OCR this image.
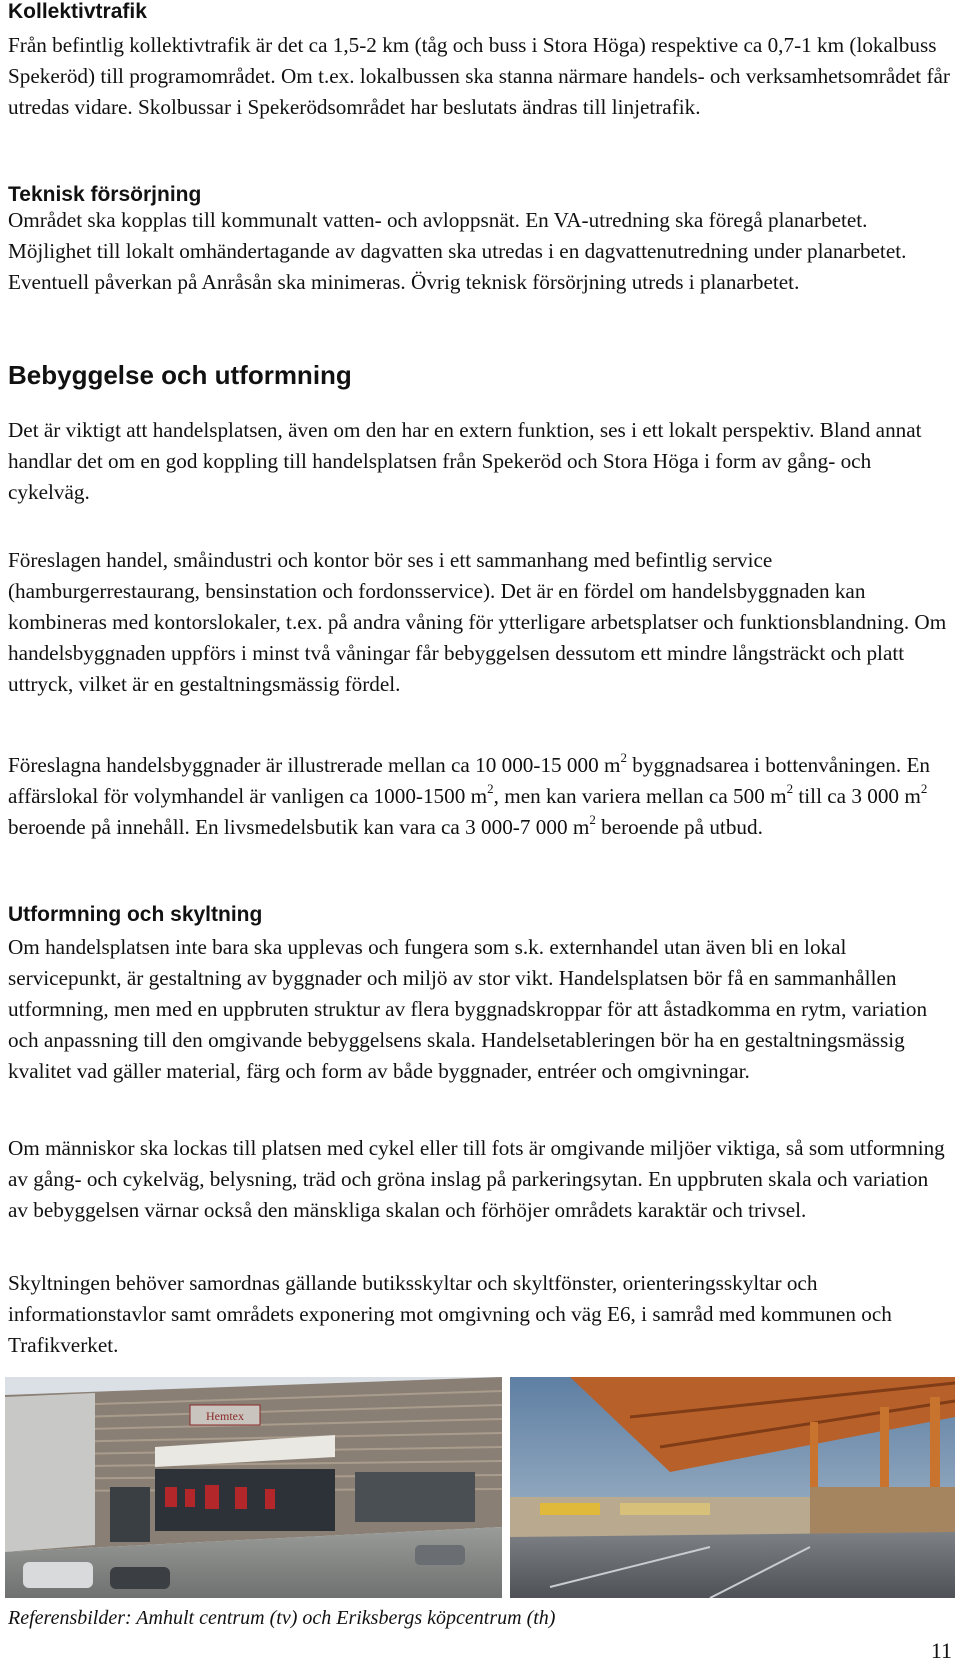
Kollektivtrafik

Från befintlig kollektivtrafik är det ca 1,5-2 km (tåg och buss i Stora Höga) respektive ca 0,7-1 km (lokalbuss Spekeröd) till programområdet. Om t.ex. lokalbussen ska stanna närmare handels- och verksamhetsområdet får utredas vidare. Skolbussar i Spekerödsområdet har beslutats ändras till linjetrafik.

Teknisk försörjning

Området ska kopplas till kommunalt vatten- och avloppsnät. En VA-utredning ska föregå planarbetet. Möjlighet till lokalt omhändertagande av dagvatten ska utredas i en dagvattenutredning under planarbetet. Eventuell påverkan på Anråsån ska minimeras. Övrig teknisk försörjning utreds i planarbetet.

Bebyggelse och utformning

Det är viktigt att handelsplatsen, även om den har en extern funktion, ses i ett lokalt perspektiv. Bland annat handlar det om en god koppling till handelsplatsen från Spekeröd och Stora Höga i form av gång- och cykelväg.

Föreslagen handel, småindustri och kontor bör ses i ett sammanhang med befintlig service (hamburgerrestaurang, bensinstation och fordonsservice). Det är en fördel om handelsbyggnaden kan kombineras med kontorslokaler, t.ex. på andra våning för ytterligare arbetsplatser och funktionsblandning. Om handelsbyggnaden uppförs i minst två våningar får bebyggelsen dessutom ett mindre långsträckt och platt uttryck, vilket är en gestaltningsmässig fördel.

Föreslagna handelsbyggnader är illustrerade mellan ca 10 000-15 000 $m^2$ byggnadsarea i bottenvåningen. En affärslokal för volymhandel är vanligen ca 1000-1500 $m^2$, men kan variera mellan ca 500 $m^2$ till ca 3 000 $m^2$ beroende på innehåll. En livsmedelsbutik kan vara ca 3 000-7 000 $m^2$ beroende på utbud.

Utformning och skyltning

Om handelsplatsen inte bara ska upplevas och fungera som s.k. externhandel utan även bli en lokal servicepunkt, är gestaltning av byggnader och miljö av stor vikt. Handelsplatsen bör få en sammanhållen utformning, men med en uppbruten struktur av flera byggnadskroppar för att åstadkomma en rytm, variation och anpassning till den omgivande bebyggelsens skala. Handelsetableringen bör ha en gestaltningsmässig kvalitet vad gäller material, färg och form av både byggnader, entréer och omgivningar.

Om människor ska lockas till platsen med cykel eller till fots är omgivande miljöer viktiga, så som utformning av gång- och cykelväg, belysning, träd och gröna inslag på parkeringsytan. En uppbruten skala och variation av bebyggelsen värnar också den mänskliga skalan och förhöjer områdets karaktär och trivsel.

Skyltningen behöver samordnas gällande butiksskyltar och skyltfönster, orienteringsskyltar och informationstavlor samt områdets exponering mot omgivning och väg E6, i samråd med kommunen och Trafikverket.

Hemtex
Referensbilder: Amhult centrum (tv) och Eriksbergs köpcentrum (th)
11
